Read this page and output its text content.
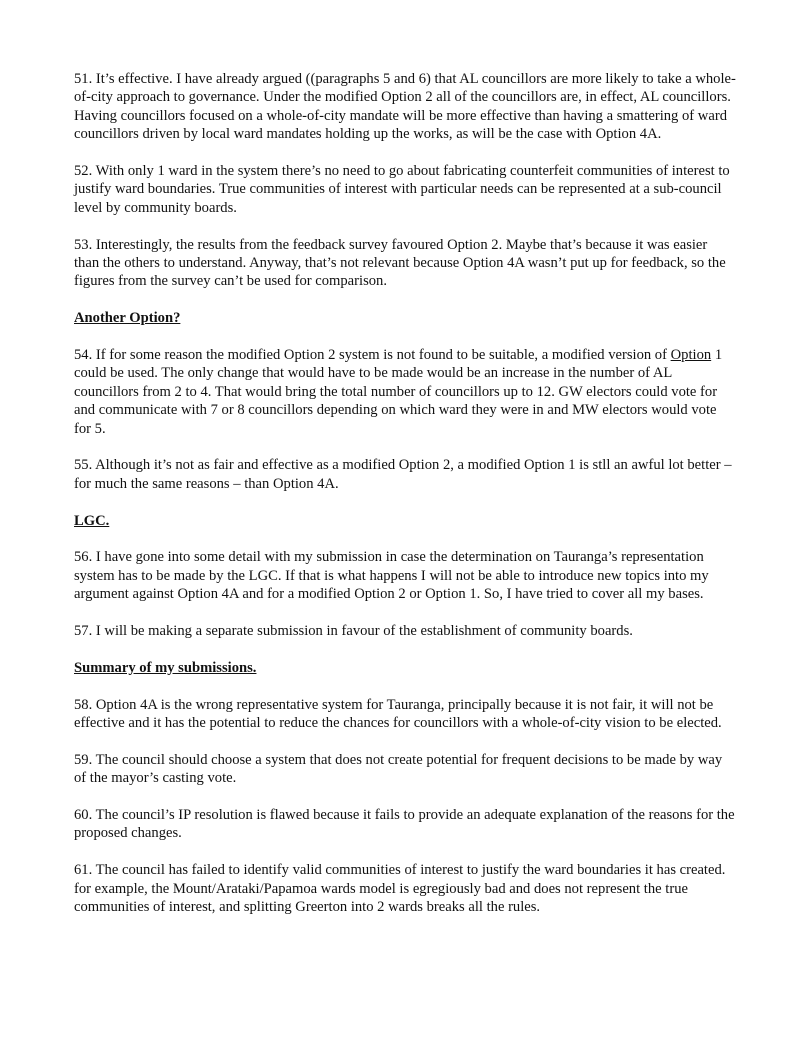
51. It’s effective. I have already argued ((paragraphs 5 and 6) that AL councillors are more likely to take a whole-of-city approach to governance. Under the modified Option 2 all of the councillors are, in effect, AL councillors. Having councillors focused on a whole-of-city mandate will be more effective than having a smattering of ward councillors driven by local ward mandates holding up the works, as will be the case with Option 4A.

52. With only 1 ward in the system there’s no need to go about fabricating counterfeit communities of interest to justify ward boundaries. True communities of interest with particular needs can be represented at a sub-council level by community boards.

53. Interestingly, the results from the feedback survey favoured Option 2. Maybe that’s because it was easier than the others to understand. Anyway, that’s not relevant because Option 4A wasn’t put up for feedback, so the figures from the survey can’t be used for comparison.

Another Option?

54. If for some reason the modified Option 2 system is not found to be suitable, a modified version of Option 1 could be used. The only change that would have to be made would be an increase in the number of AL councillors from 2 to 4. That would bring the total number of councillors up to 12. GW electors could vote for and communicate with 7 or 8 councillors depending on which ward they were in and MW electors would vote for 5.

55. Although it’s not as fair and effective as a modified Option 2, a modified Option 1 is stll an awful lot better – for much the same reasons – than Option 4A.

LGC.

56. I have gone into some detail with my submission in case the determination on Tauranga’s representation system has to be made by the LGC. If that is what happens I will not be able to introduce new topics into my argument against Option 4A and for a modified Option 2 or Option 1. So, I have tried to cover all my bases.

57. I will be making a separate submission in favour of the establishment of community boards.

Summary of my submissions.

58. Option 4A is the wrong representative system for Tauranga, principally because it is not fair, it will not be effective and it has the potential to reduce the chances for councillors with a whole-of-city vision to be elected.

59. The council should choose a system that does not create potential for frequent decisions to be made by way of the mayor’s casting vote.

60. The council’s IP resolution is flawed because it fails to provide an adequate explanation of the reasons for the proposed changes.

61. The council has failed to identify valid communities of interest to justify the ward boundaries it has created. for example, the Mount/Arataki/Papamoa wards model is egregiously bad and does not represent the true communities of interest, and splitting Greerton into 2 wards breaks all the rules.
